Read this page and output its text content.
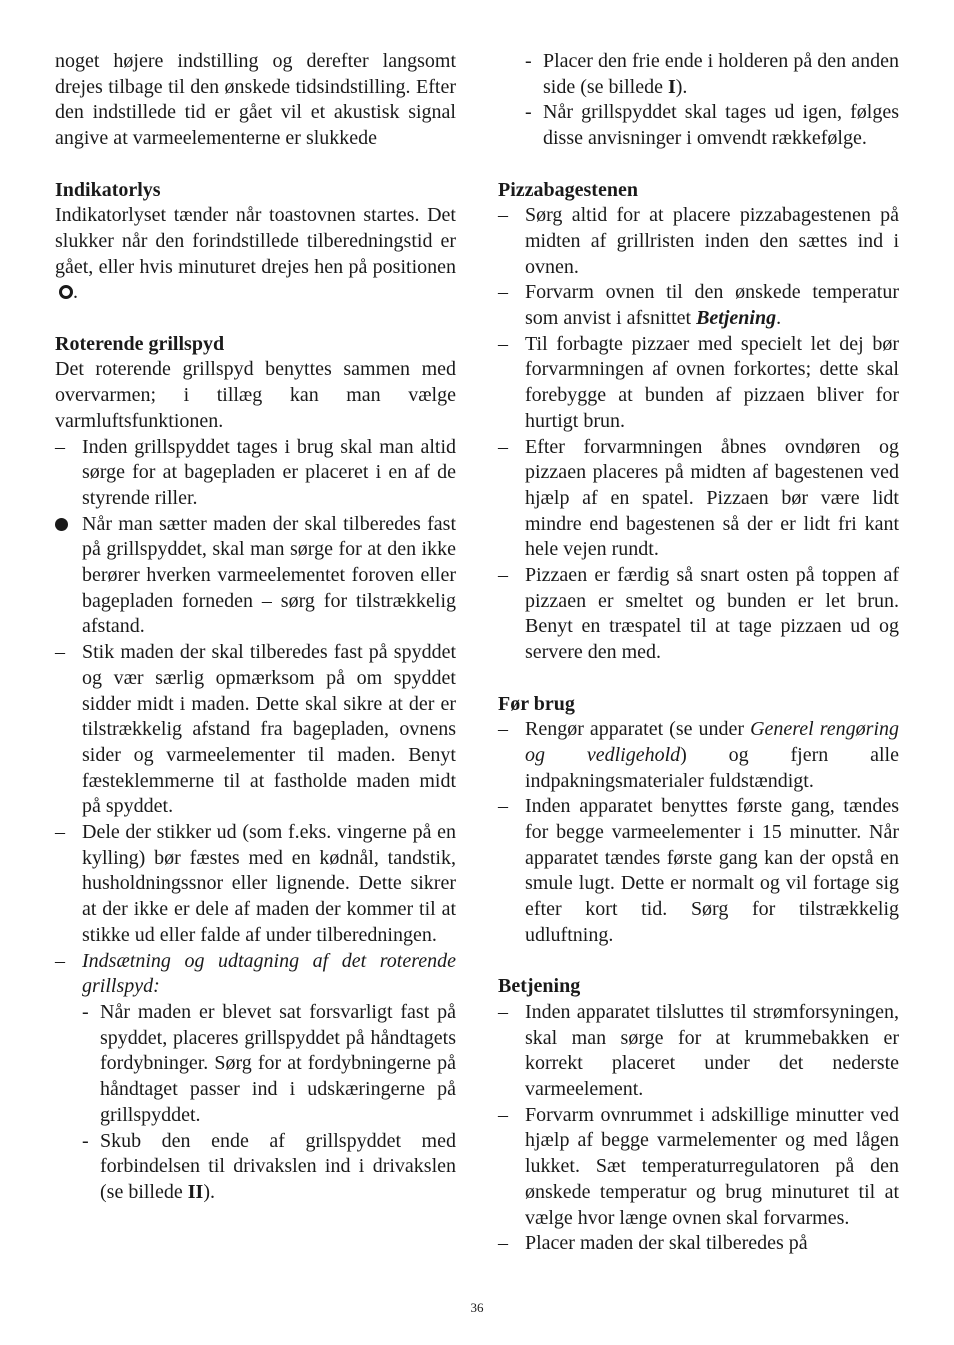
noget højere indstilling og derefter langsomt drejes tilbage til den ønskede tidsindstilling. Efter den indstillede tid er gået vil et akustisk signal angive at varmeelementerne er slukkede

Indikatorlys

Indikatorlyset tænder når toastovnen startes. Det slukker når den forindstillede tilberedningstid er gået, eller hvis minuturet drejes hen på positionen.

Roterende grillspyd

Det roterende grillspyd benyttes sammen med overvarmen; i tillæg kan man vælge varmluftsfunktionen.

– Inden grillspyddet tages i brug skal man altid sørge for at bagepladen er placeret i en af de styrende riller.
Når man sætter maden der skal tilberedes fast på grillspyddet, skal man sørge for at den ikke berører hverken varmeelementet foroven eller bagepladen forneden – sørg for tilstrækkelig afstand.
– Stik maden der skal tilberedes fast på spyddet og vær særlig opmærksom på om spyddet sidder midt i maden. Dette skal sikre at der er tilstrækkelig afstand fra bagepladen, ovnens sider og varmeelementer til maden. Benyt fæsteklemmerne til at fastholde maden midt på spyddet.
– Dele der stikker ud (som f.eks. vingerne på en kylling) bør fæstes med en kødnål, tandstik, husholdningssnor eller lignende. Dette sikrer at der ikke er dele af maden der kommer til at stikke ud eller falde af under tilberedningen.
– Indsætning og udtagning af det roterende grillspyd:
- Når maden er blevet sat forsvarligt fast på spyddet, placeres grillspyddet på håndtagets fordybninger. Sørg for at fordybningerne på håndtaget passer ind i udskæringerne på grillspyddet.
- Skub den ende af grillspyddet med forbindelsen til drivakslen ind i drivakslen (se billede II).
- Placer den frie ende i holderen på den anden side (se billede I).
- Når grillspyddet skal tages ud igen, følges disse anvisninger i omvendt rækkefølge.
Pizzabagestenen
– Sørg altid for at placere pizzabagestenen på midten af grillristen inden den sættes ind i ovnen.
– Forvarm ovnen til den ønskede temperatur som anvist i afsnittet Betjening.
– Til forbagte pizzaer med specielt let dej bør forvarmningen af ovnen forkortes; dette skal forebygge at bunden af pizzaen bliver for hurtigt brun.
– Efter forvarmningen åbnes ovndøren og pizzaen placeres på midten af bagestenen ved hjælp af en spatel. Pizzaen bør være lidt mindre end bagestenen så der er lidt fri kant hele vejen rundt.
– Pizzaen er færdig så snart osten på toppen af pizzaen er smeltet og bunden er let brun. Benyt en træspatel til at tage pizzaen ud og servere den med.
Før brug
– Rengør apparatet (se under Generel rengøring og vedligehold) og fjern alle indpakningsmaterialer fuldstændigt.
– Inden apparatet benyttes første gang, tændes for begge varmeelementer i 15 minutter. Når apparatet tændes første gang kan der opstå en smule lugt. Dette er normalt og vil fortage sig efter kort tid. Sørg for tilstrækkelig udluftning.
Betjening
– Inden apparatet tilsluttes til strømforsyningen, skal man sørge for at krummebakken er korrekt placeret under det nederste varmeelement.
– Forvarm ovnrummet i adskillige minutter ved hjælp af begge varmelementer og med lågen lukket. Sæt temperaturregulatoren på den ønskede temperatur og brug minuturet til at vælge hvor længe ovnen skal forvarmes.
– Placer maden der skal tilberedes på
36
